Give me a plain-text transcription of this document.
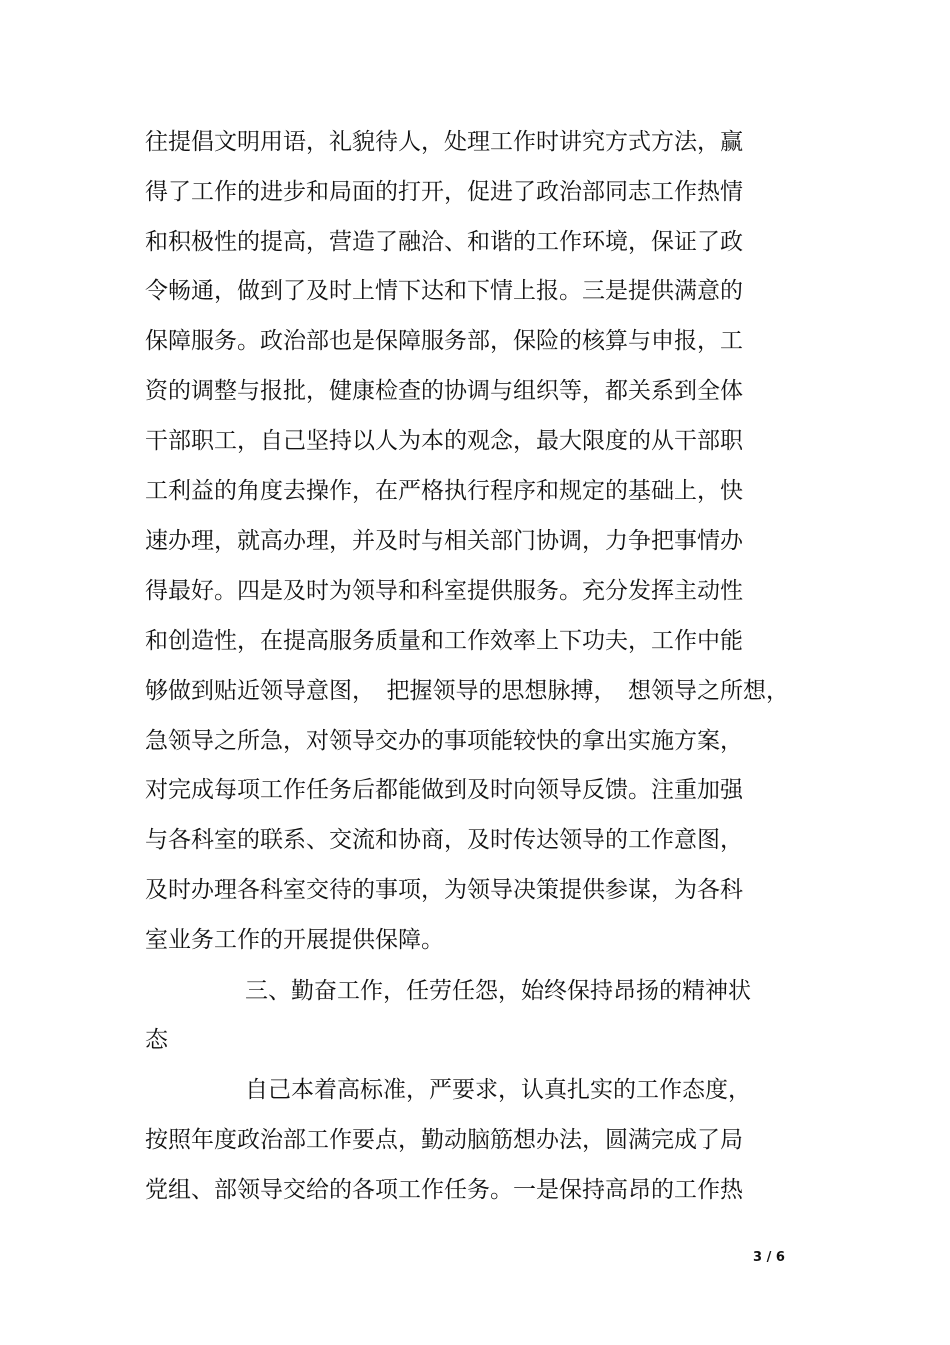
往提倡文明用语，礼貌待人，处理工作时讲究方式方法，赢
得了工作的进步和局面的打开，促进了政治部同志工作热情
和积极性的提高，营造了融洽、和谐的工作环境，保证了政
令畅通，做到了及时上情下达和下情上报。三是提供满意的
保障服务。政治部也是保障服务部，保险的核算与申报，工
资的调整与报批，健康检查的协调与组织等，都关系到全体
干部职工，自己坚持以人为本的观念，最大限度的从干部职
工利益的角度去操作，在严格执行程序和规定的基础上，快
速办理，就高办理，并及时与相关部门协调，力争把事情办
得最好。四是及时为领导和科室提供服务。充分发挥主动性
和创造性，在提高服务质量和工作效率上下功夫，工作中能
够做到贴近领导意图，　把握领导的思想脉搏，　想领导之所想，
急领导之所急，对领导交办的事项能较快的拿出实施方案，
对完成每项工作任务后都能做到及时向领导反馈。注重加强
与各科室的联系、交流和协商，及时传达领导的工作意图，
及时办理各科室交待的事项，为领导决策提供参谋，为各科
室业务工作的开展提供保障。
三、勤奋工作，任劳任怨，始终保持昂扬的精神状
态
自己本着高标准，严要求，认真扎实的工作态度，
按照年度政治部工作要点，勤动脑筋想办法，圆满完成了局
党组、部领导交给的各项工作任务。一是保持高昂的工作热
3 / 6
